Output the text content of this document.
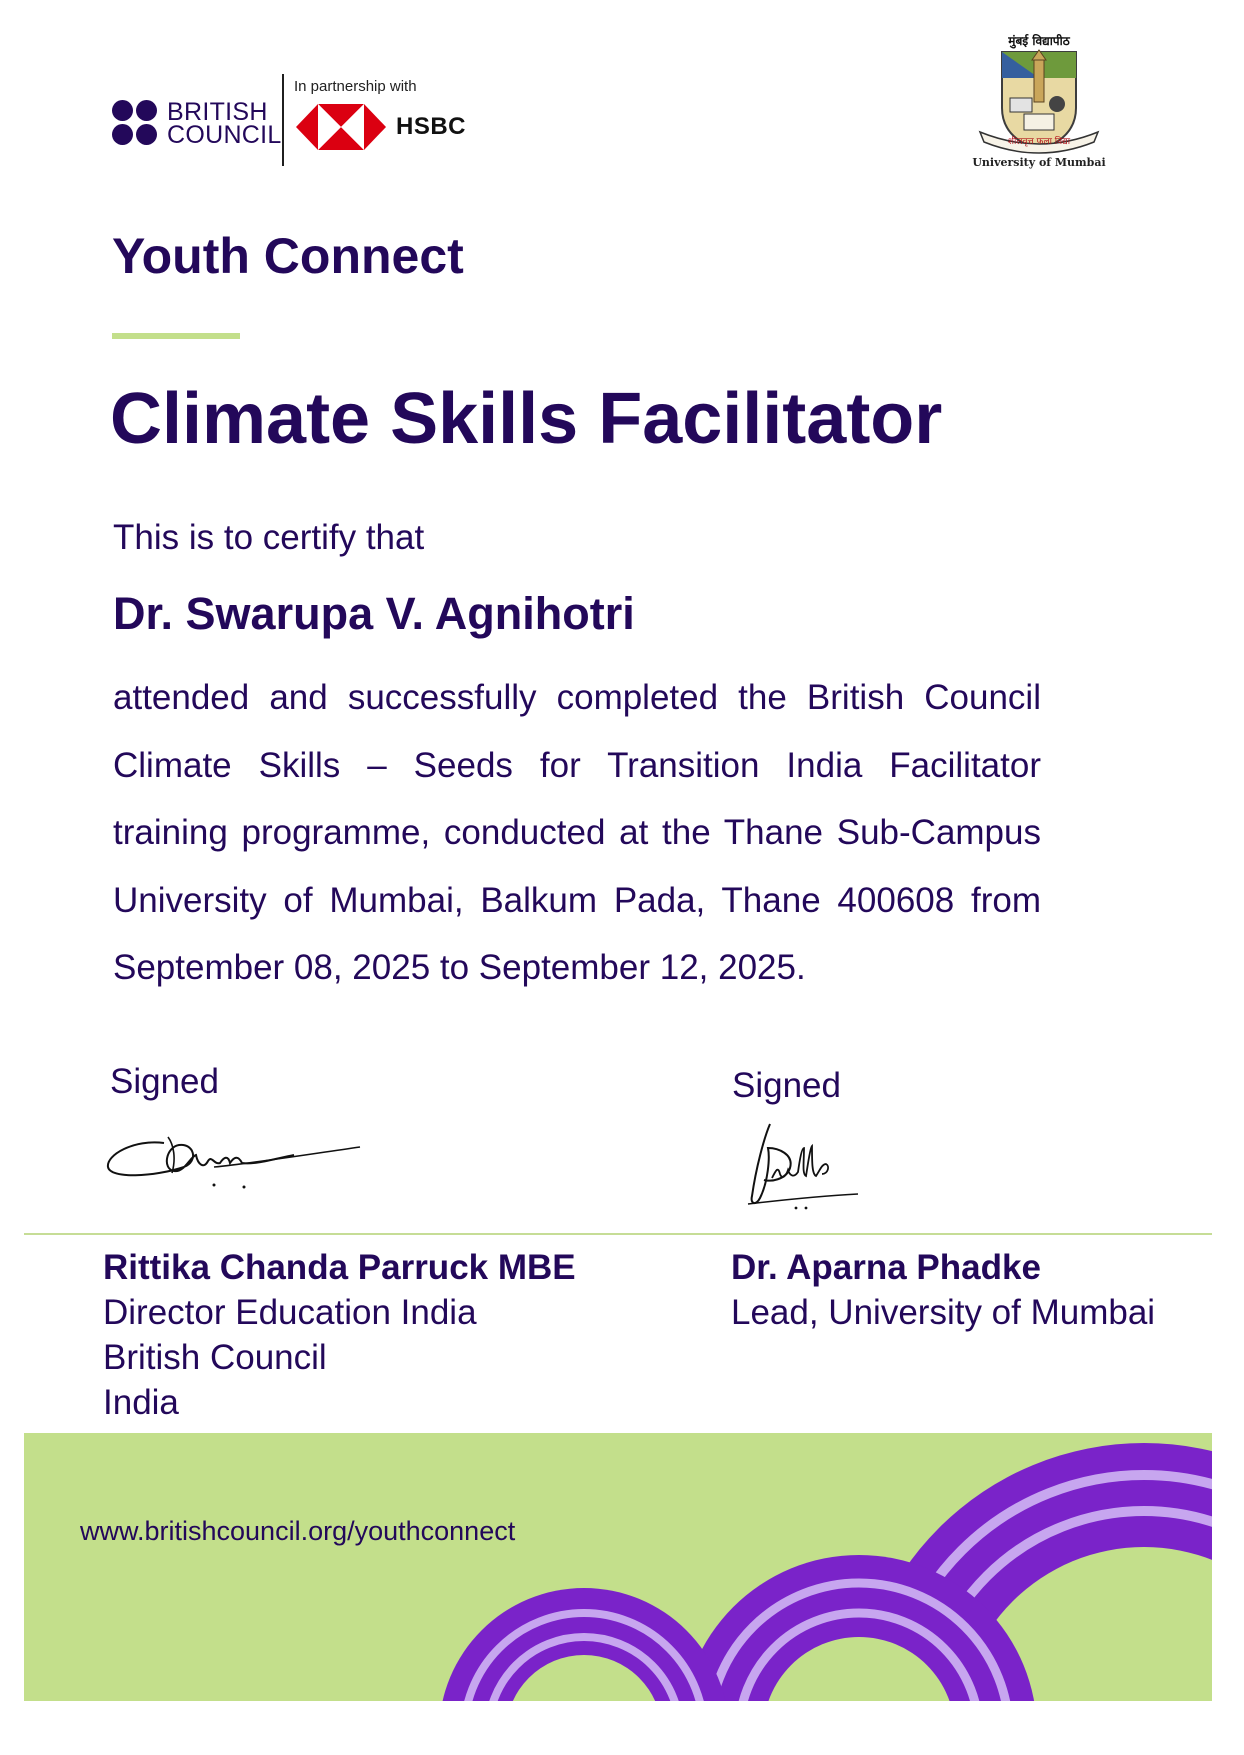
BRITISH
COUNCIL
In partnership with
HSBC
मुंबई विद्यापीठ
शीलवृत्त फला विद्या
University of Mumbai
Youth Connect
Climate Skills Facilitator
This is to certify that
Dr. Swarupa V. Agnihotri
attended and successfully completed the British Council Climate Skills – Seeds for Transition India Facilitator training programme, conducted at the Thane Sub-Campus University of Mumbai, Balkum Pada, Thane 400608 from September 08, 2025 to September 12, 2025.
Signed	Signed
Rittika Chanda Parruck MBE
Director Education India
British Council
India
Dr. Aparna Phadke
Lead, University of Mumbai
www.britishcouncil.org/youthconnect
